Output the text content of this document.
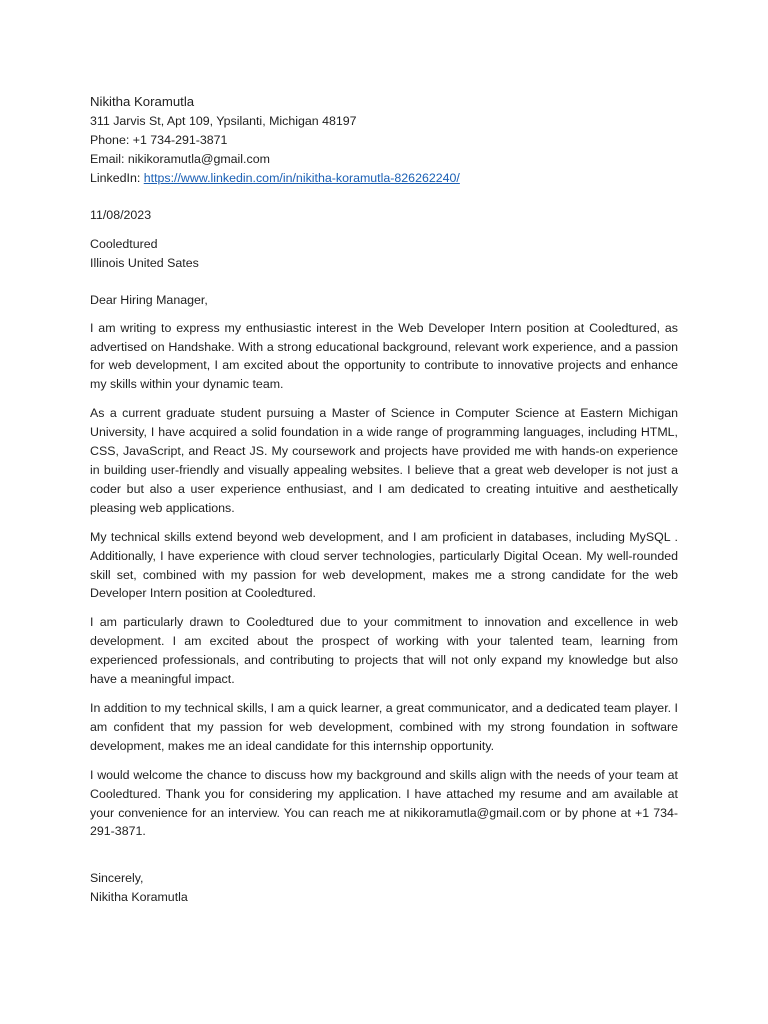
Nikitha Koramutla
311 Jarvis St, Apt 109, Ypsilanti, Michigan 48197
Phone: +1 734-291-3871
Email: nikikoramutla@gmail.com
LinkedIn: https://www.linkedin.com/in/nikitha-koramutla-826262240/
11/08/2023
Cooledtured
Illinois United Sates
Dear Hiring Manager,

I am writing to express my enthusiastic interest in the Web Developer Intern position at Cooledtured, as advertised on Handshake. With a strong educational background, relevant work experience, and a passion for web development, I am excited about the opportunity to contribute to innovative projects and enhance my skills within your dynamic team.

As a current graduate student pursuing a Master of Science in Computer Science at Eastern Michigan University, I have acquired a solid foundation in a wide range of programming languages, including HTML, CSS, JavaScript, and React JS. My coursework and projects have provided me with hands-on experience in building user-friendly and visually appealing websites. I believe that a great web developer is not just a coder but also a user experience enthusiast, and I am dedicated to creating intuitive and aesthetically pleasing web applications.

My technical skills extend beyond web development, and I am proficient in databases, including MySQL . Additionally, I have experience with cloud server technologies, particularly Digital Ocean. My well-rounded skill set, combined with my passion for web development, makes me a strong candidate for the web Developer Intern position at Cooledtured.

I am particularly drawn to Cooledtured due to your commitment to innovation and excellence in web development. I am excited about the prospect of working with your talented team, learning from experienced professionals, and contributing to projects that will not only expand my knowledge but also have a meaningful impact.

In addition to my technical skills, I am a quick learner, a great communicator, and a dedicated team player. I am confident that my passion for web development, combined with my strong foundation in software development, makes me an ideal candidate for this internship opportunity.

I would welcome the chance to discuss how my background and skills align with the needs of your team at Cooledtured. Thank you for considering my application. I have attached my resume and am available at your convenience for an interview. You can reach me at nikikoramutla@gmail.com or by phone at +1 734-291-3871.

Sincerely,
Nikitha Koramutla
